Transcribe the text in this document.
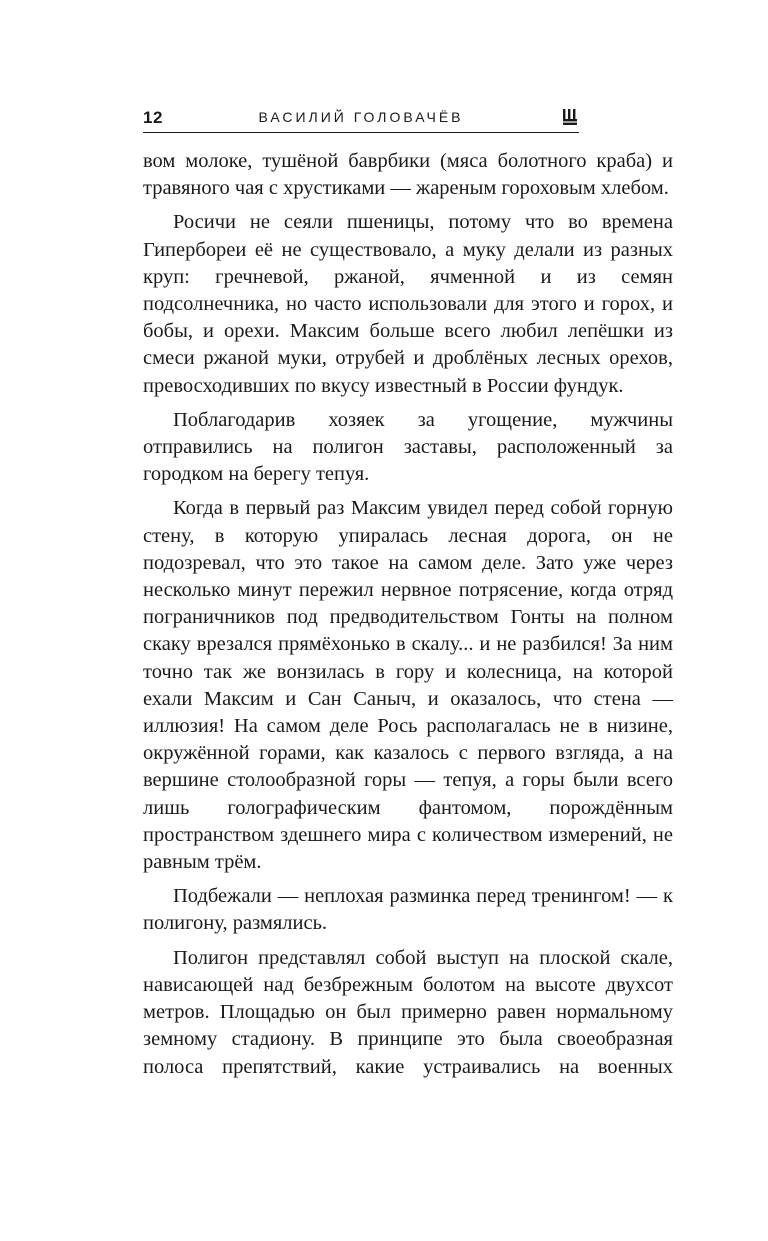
12	ВАСИЛИЙ ГОЛОВАЧЁВ

вом молоке, тушёной баврбики (мяса болотного краба) и травяного чая с хрустиками — жареным гороховым хлебом.

Росичи не сеяли пшеницы, потому что во времена Гипербореи её не существовало, а муку делали из разных круп: гречневой, ржаной, ячменной и из семян подсолнечника, но часто использовали для этого и горох, и бобы, и орехи. Максим больше всего любил лепёшки из смеси ржаной муки, отрубей и дроблёных лесных орехов, превосходивших по вкусу известный в России фундук.

Поблагодарив хозяек за угощение, мужчины отправились на полигон заставы, расположенный за городком на берегу тепуя.

Когда в первый раз Максим увидел перед собой горную стену, в которую упиралась лесная дорога, он не подозревал, что это такое на самом деле. Зато уже через несколько минут пережил нервное потрясение, когда отряд пограничников под предводительством Гонты на полном скаку врезался прямёхонько в скалу... и не разбился! За ним точно так же вонзилась в гору и колесница, на которой ехали Максим и Сан Саныч, и оказалось, что стена — иллюзия! На самом деле Рось располагалась не в низине, окружённой горами, как казалось с первого взгляда, а на вершине столообразной горы — тепуя, а горы были всего лишь голографическим фантомом, порождённым пространством здешнего мира с количеством измерений, не равным трём.

Подбежали — неплохая разминка перед тренингом! — к полигону, размялись.

Полигон представлял собой выступ на плоской скале, нависающей над безбрежным болотом на высоте двухсот метров. Площадью он был примерно равен нормальному земному стадиону. В принципе это была своеобразная полоса препятствий, какие устраивались на военных
